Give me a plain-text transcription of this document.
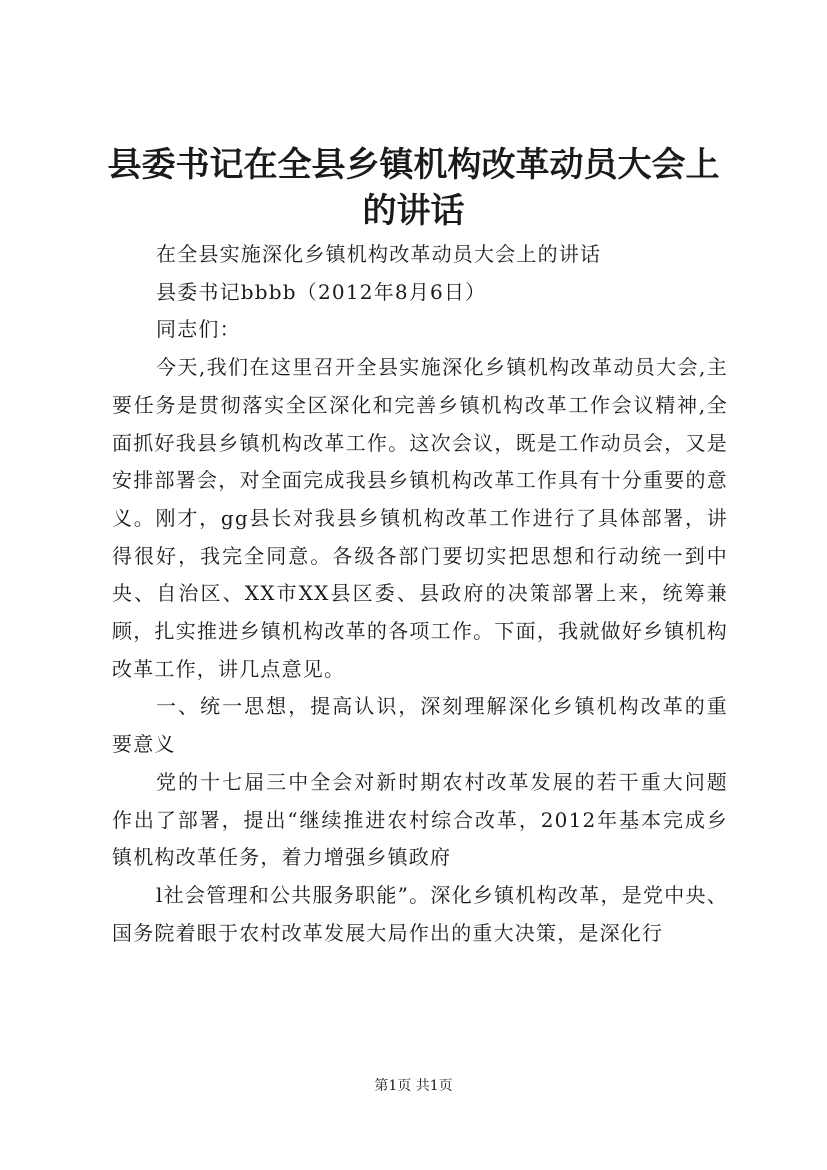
县委书记在全县乡镇机构改革动员大会上的讲话

在全县实施深化乡镇机构改革动员大会上的讲话

县委书记bbbb（2012年8月6日）

同志们：

今天,我们在这里召开全县实施深化乡镇机构改革动员大会,主要任务是贯彻落实全区深化和完善乡镇机构改革工作会议精神,全面抓好我县乡镇机构改革工作。这次会议，既是工作动员会，又是安排部署会，对全面完成我县乡镇机构改革工作具有十分重要的意义。刚才，gg县长对我县乡镇机构改革工作进行了具体部署，讲得很好，我完全同意。各级各部门要切实把思想和行动统一到中央、自治区、XX市XX县区委、县政府的决策部署上来，统筹兼顾，扎实推进乡镇机构改革的各项工作。下面，我就做好乡镇机构改革工作，讲几点意见。

一、统一思想，提高认识，深刻理解深化乡镇机构改革的重要意义

党的十七届三中全会对新时期农村改革发展的若干重大问题作出了部署，提出“继续推进农村综合改革，2012年基本完成乡镇机构改革任务，着力增强乡镇政府

l社会管理和公共服务职能”。深化乡镇机构改革，是党中央、国务院着眼于农村改革发展大局作出的重大决策，是深化行

第1页 共1页
